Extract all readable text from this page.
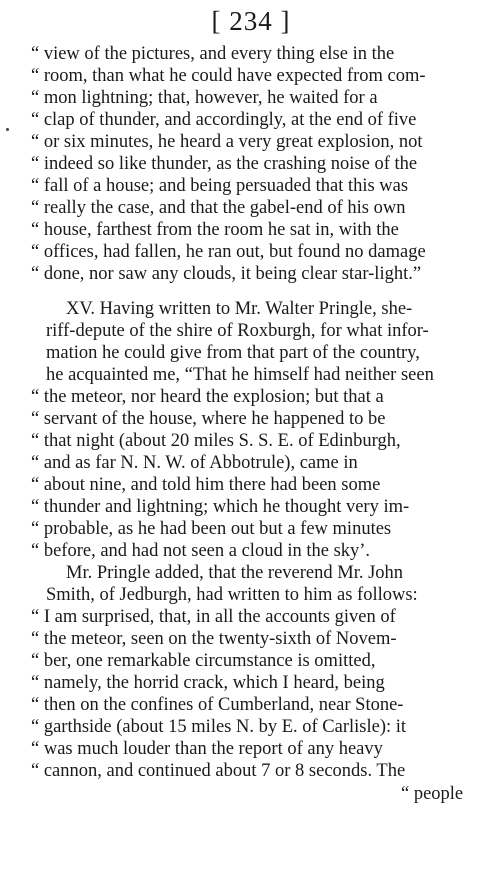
[ 234 ]
“ view of the pictures, and every thing else in the
“ room, than what he could have expected from com-
“ mon lightning; that, however, he waited for a
“ clap of thunder, and accordingly, at the end of five
“ or six minutes, he heard a very great explosion, not
“ indeed so like thunder, as the crashing noise of the
“ fall of a house; and being persuaded that this was
“ really the case, and that the gabel-end of his own
“ house, farthest from the room he sat in, with the
“ offices, had fallen, he ran out, but found no damage
“ done, nor saw any clouds, it being clear star-light.”
XV. Having written to Mr. Walter Pringle, she-
riff-depute of the shire of Roxburgh, for what infor-
mation he could give from that part of the country,
he acquainted me, “That he himself had neither seen
“ the meteor, nor heard the explosion; but that a
“ servant of the house, where he happened to be
“ that night (about 20 miles S. S. E. of Edinburgh,
“ and as far N. N. W. of Abbotrule), came in
“ about nine, and told him there had been some
“ thunder and lightning; which he thought very im-
“ probable, as he had been out but a few minutes
“ before, and had not seen a cloud in the sky’.
Mr. Pringle added, that the reverend Mr. John
Smith, of Jedburgh, had written to him as follows:
“ I am surprised, that, in all the accounts given of
“ the meteor, seen on the twenty-sixth of Novem-
“ ber, one remarkable circumstance is omitted,
“ namely, the horrid crack, which I heard, being
“ then on the confines of Cumberland, near Stone-
“ garthside (about 15 miles N. by E. of Carlisle): it
“ was much louder than the report of any heavy
“ cannon, and continued about 7 or 8 seconds. The
“ people
